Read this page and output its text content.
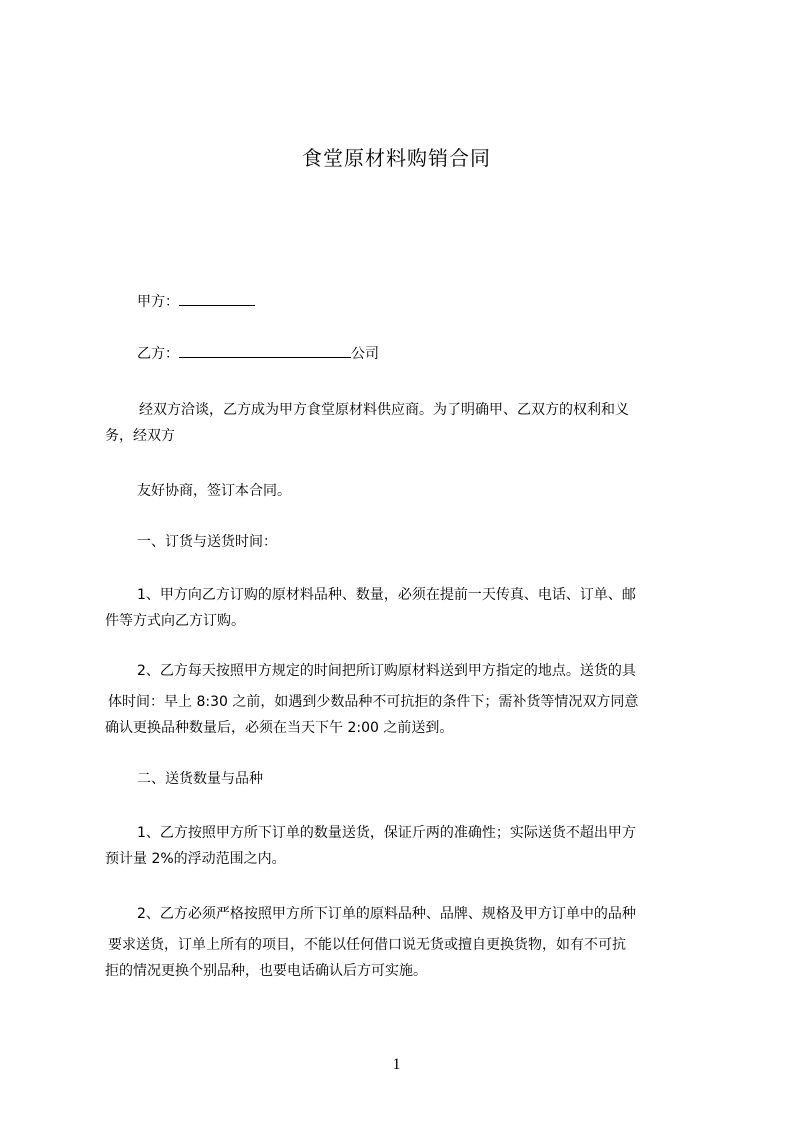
食堂原材料购销合同
甲方：
乙方：	公司
经双方洽谈，乙方成为甲方食堂原材料供应商。为了明确甲、乙双方的权利和义
务，经双方
友好协商，签订本合同。
一、订货与送货时间：
1、甲方向乙方订购的原材料品种、数量，必须在提前一天传真、电话、订单、邮
件等方式向乙方订购。
2、乙方每天按照甲方规定的时间把所订购原材料送到甲方指定的地点。送货的具
体时间：早上 8:30 之前，如遇到少数品种不可抗拒的条件下；需补货等情况双方同意
确认更换品种数量后，必须在当天下午 2:00 之前送到。
二、送货数量与品种
1、乙方按照甲方所下订单的数量送货，保证斤两的准确性；实际送货不超出甲方
预计量 2%的浮动范围之内。
2、乙方必须严格按照甲方所下订单的原料品种、品牌、规格及甲方订单中的品种
要求送货，订单上所有的项目，不能以任何借口说无货或擅自更换货物，如有不可抗
拒的情况更换个别品种，也要电话确认后方可实施。
1
